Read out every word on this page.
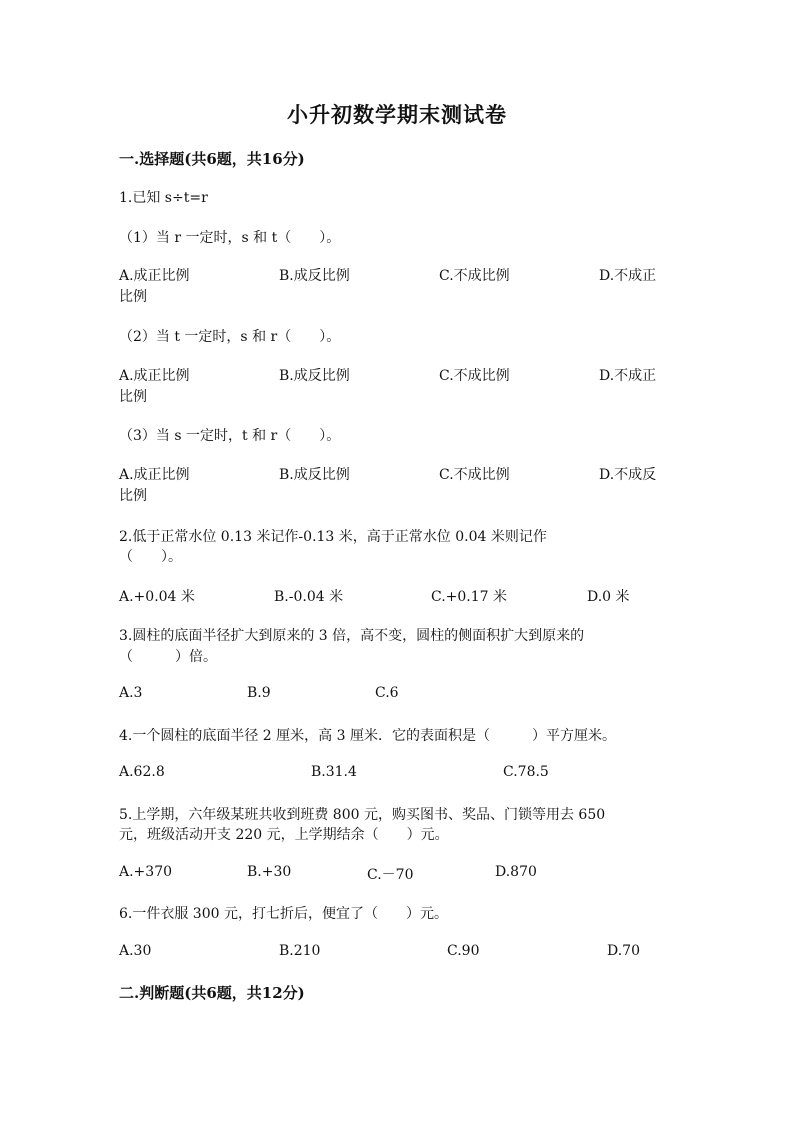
小升初数学期末测试卷
一.选择题(共6题，共16分)
1.已知 s÷t=r
（1）当 r 一定时，s 和 t（　　）。
A.成正比例	B.成反比例	C.不成比例	D.不成正
比例
（2）当 t 一定时，s 和 r（　　）。
A.成正比例	B.成反比例	C.不成比例	D.不成正
比例
（3）当 s 一定时，t 和 r（　　）。
A.成正比例	B.成反比例	C.不成比例	D.不成反
比例
2.低于正常水位 0.13 米记作-0.13 米，高于正常水位 0.04 米则记作
（　　）。
A.+0.04 米	B.-0.04 米	C.+0.17 米	D.0 米
3.圆柱的底面半径扩大到原来的 3 倍，高不变，圆柱的侧面积扩大到原来的
（　　　）倍。
A.3	B.9	C.6
4.一个圆柱的底面半径 2 厘米，高 3 厘米．它的表面积是（　　　）平方厘米。
A.62.8	B.31.4	C.78.5
5.上学期，六年级某班共收到班费 800 元，购买图书、奖品、门锁等用去 650
元，班级活动开支 220 元，上学期结余（　　）元。
A.+370	B.+30	C.－70	D.870
6.一件衣服 300 元，打七折后，便宜了（　　）元。
A.30	B.210	C.90	D.70
二.判断题(共6题，共12分)
